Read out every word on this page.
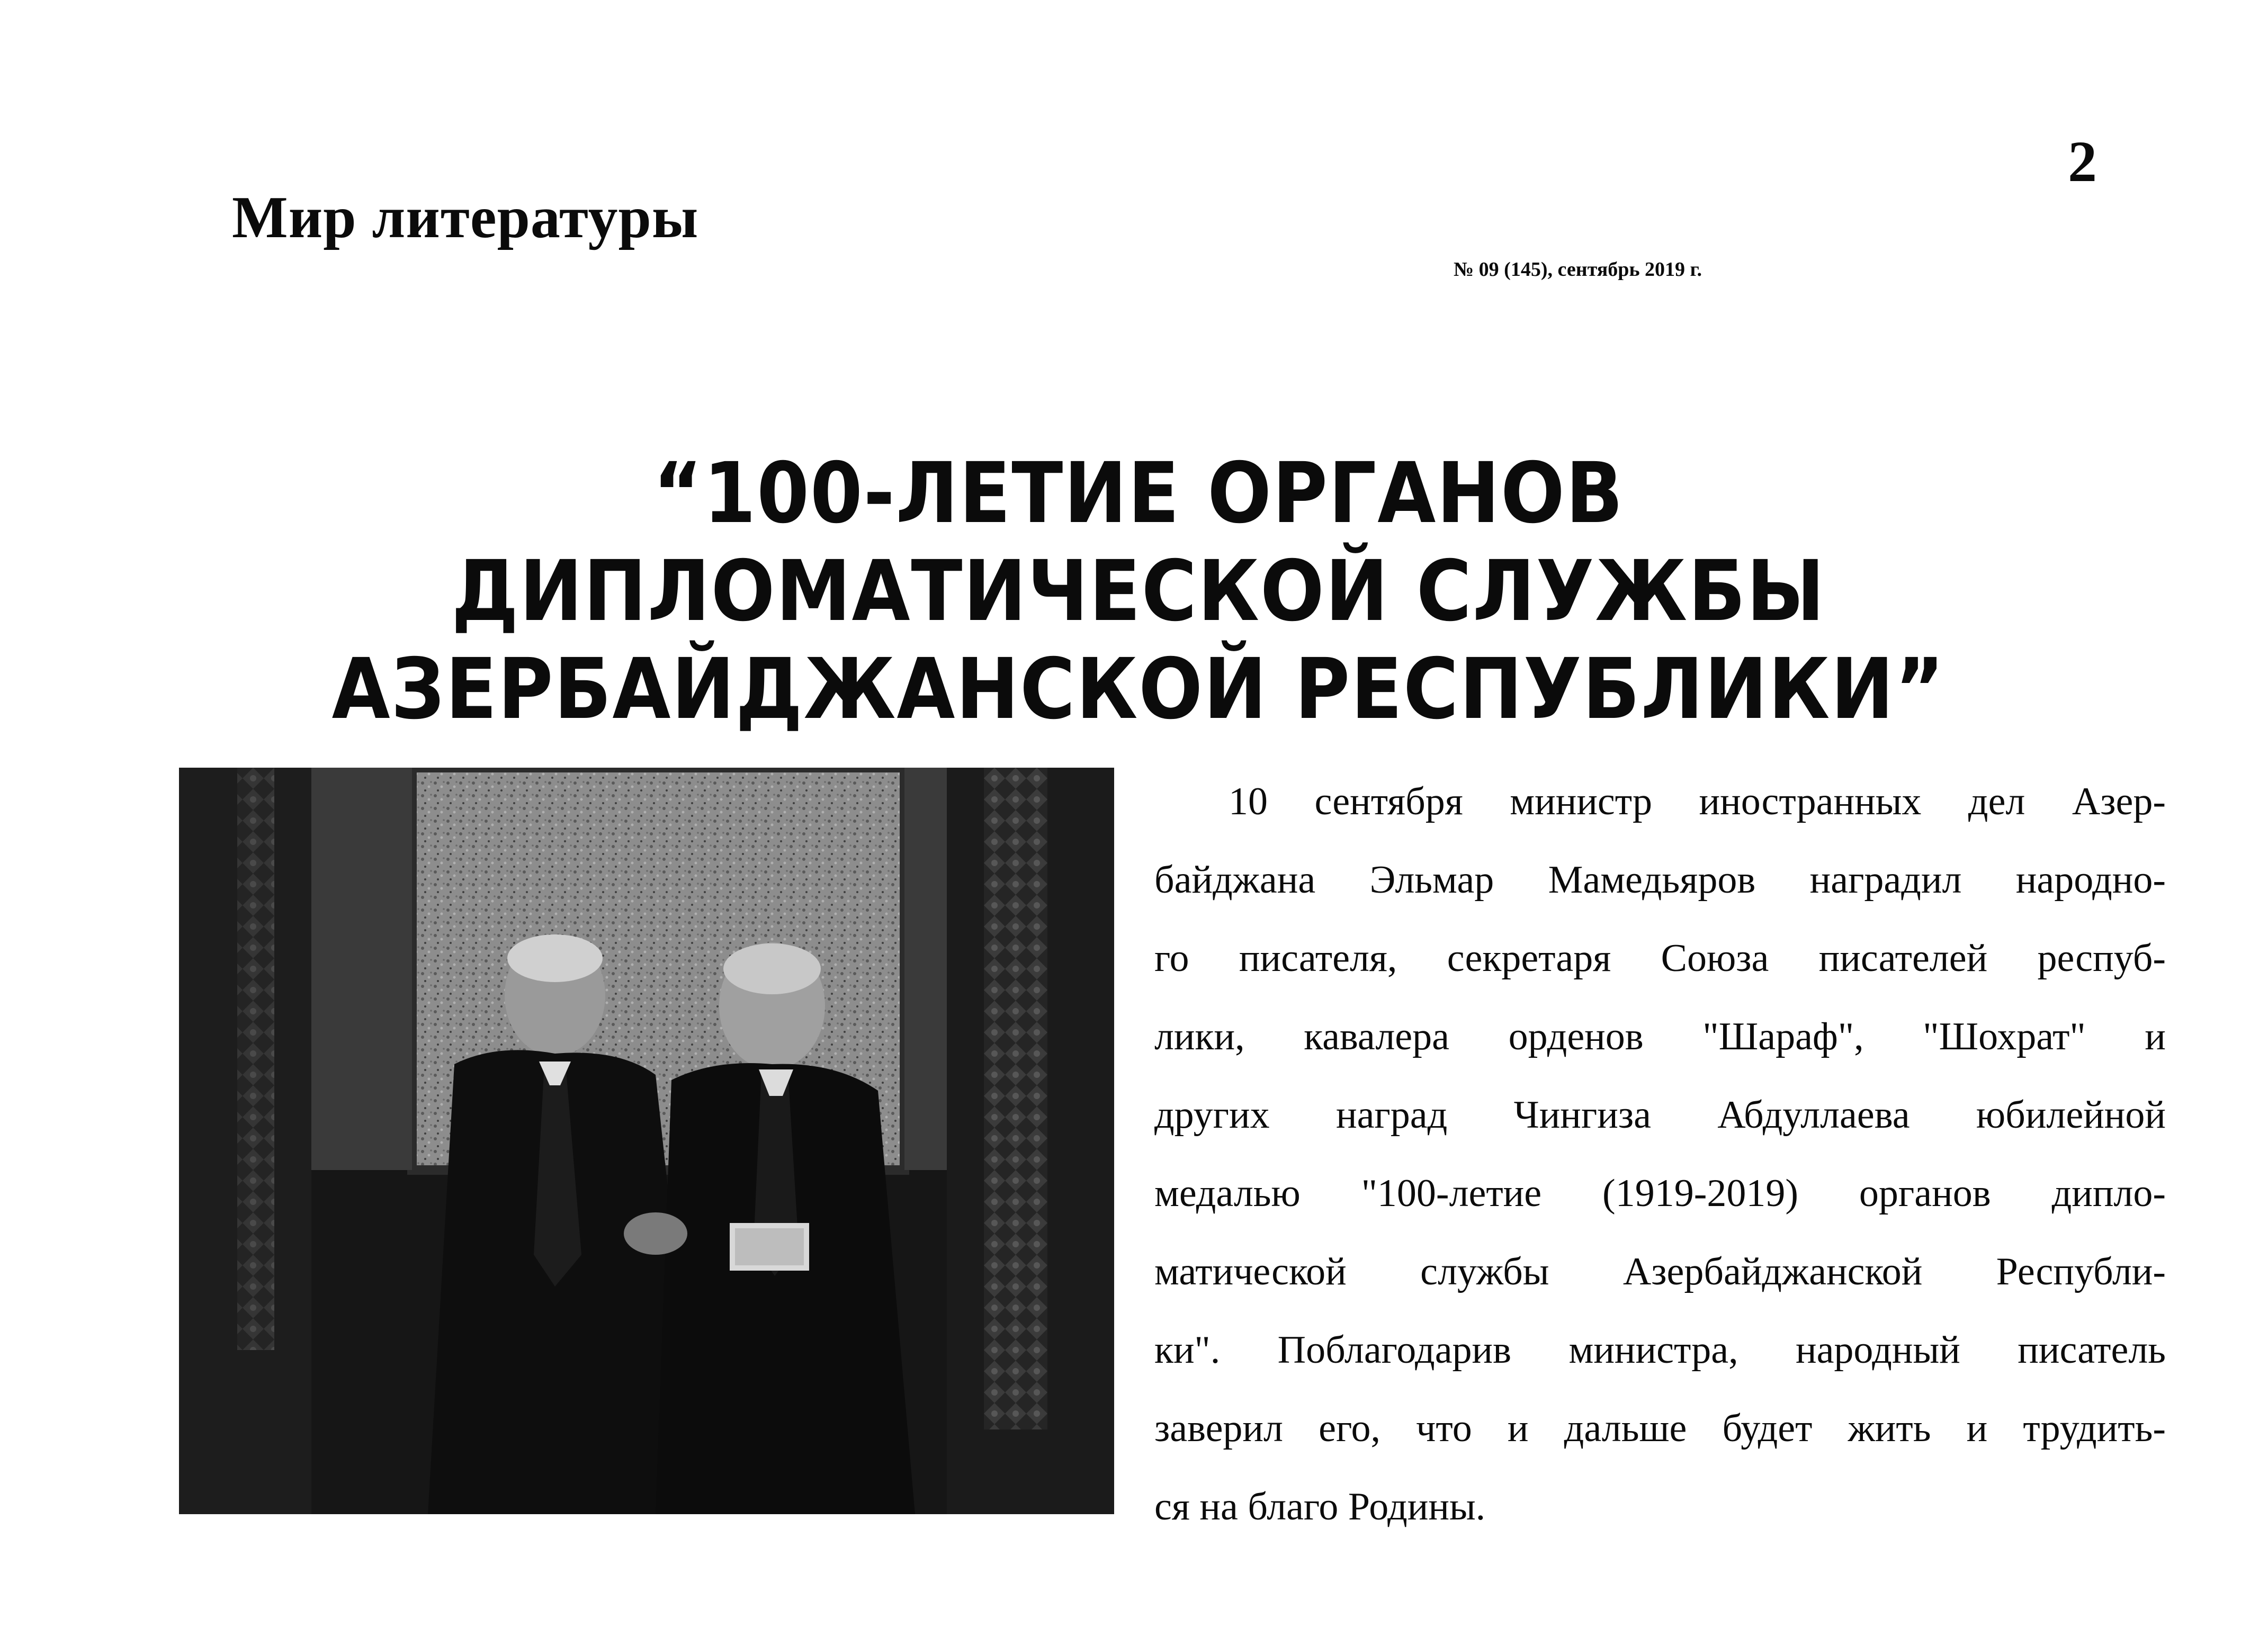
2
Мир литературы
№ 09 (145), сентябрь 2019 г.
“100-ЛЕТИЕ ОРГАНОВ ДИПЛОМАТИЧЕСКОЙ СЛУЖБЫ
АЗЕРБАЙДЖАНСКОЙ РЕСПУБЛИКИ”
10 сентября министр иностранных дел Азер-
байджана Эльмар Мамедьяров наградил народно-
го писателя, секретаря Союза писателей респуб-
лики, кавалера орденов "Шараф", "Шохрат" и
других наград Чингиза Абдуллаева юбилейной
медалью "100-летие (1919-2019) органов дипло-
матической службы Азербайджанской Республи-
ки". Поблагодарив министра, народный писатель
заверил его, что и дальше будет жить и трудить-
ся на благо Родины.
